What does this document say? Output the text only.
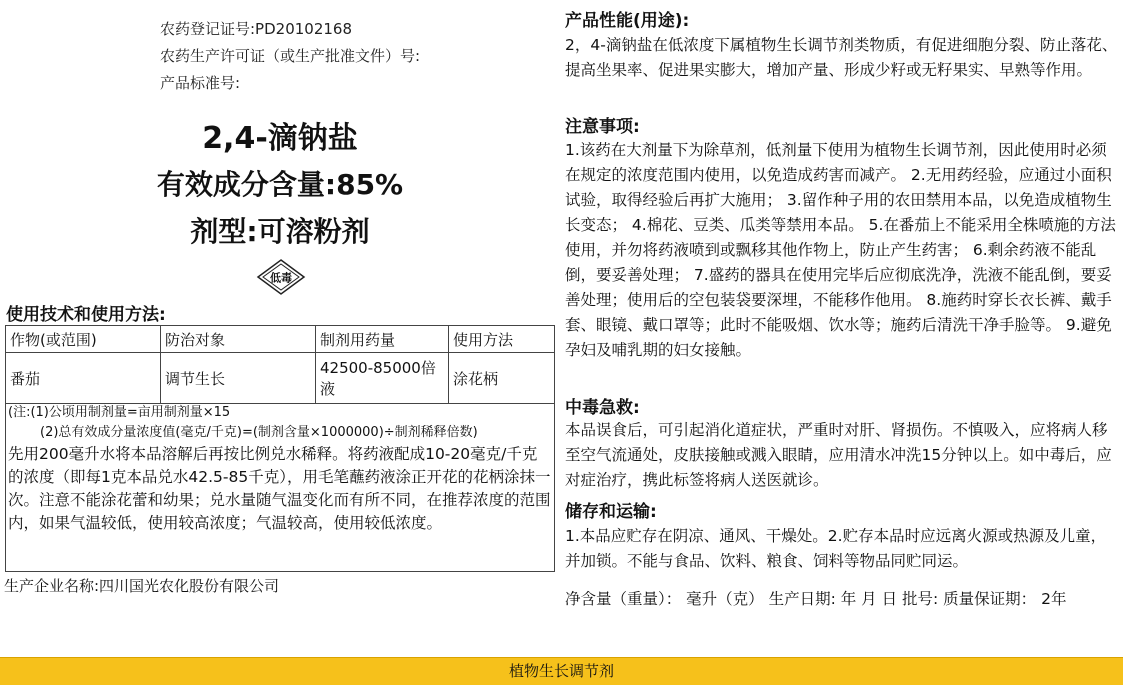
农药登记证号:PD20102168
农药生产许可证（或生产批准文件）号:
产品标准号:
2,4-滴钠盐
有效成分含量:85%
剂型:可溶粉剂
低毒
使用技术和使用方法:
作物(或范围)	防治对象	制剂用药量	使用方法
番茄	调节生长	42500-85000倍液	涂花柄
(注:(1)公顷用制剂量=亩用制剂量×15
(2)总有效成分量浓度值(毫克/千克)=(制剂含量×1000000)÷制剂稀释倍数)
先用200毫升水将本品溶解后再按比例兑水稀释。将药液配成10-20毫克/千克的浓度（即每1克本品兑水42.5-85千克），用毛笔蘸药液涂正开花的花柄涂抹一次。注意不能涂花蕾和幼果；兑水量随气温变化而有所不同，在推荐浓度的范围内，如果气温较低，使用较高浓度；气温较高，使用较低浓度。
生产企业名称:四川国光农化股份有限公司
产品性能(用途):
2，4-滴钠盐在低浓度下属植物生长调节剂类物质，有促进细胞分裂、防止落花、提高坐果率、促进果实膨大，增加产量、形成少籽或无籽果实、早熟等作用。
注意事项:
1.该药在大剂量下为除草剂，低剂量下使用为植物生长调节剂，因此使用时必须在规定的浓度范围内使用，以免造成药害而减产。 2.无用药经验，应通过小面积试验，取得经验后再扩大施用； 3.留作种子用的农田禁用本品，以免造成植物生长变态； 4.棉花、豆类、瓜类等禁用本品。 5.在番茄上不能采用全株喷施的方法使用，并勿将药液喷到或飘移其他作物上，防止产生药害； 6.剩余药液不能乱倒，要妥善处理； 7.盛药的器具在使用完毕后应彻底洗净，洗液不能乱倒，要妥善处理；使用后的空包装袋要深埋，不能移作他用。 8.施药时穿长衣长裤、戴手套、眼镜、戴口罩等；此时不能吸烟、饮水等；施药后清洗干净手脸等。 9.避免孕妇及哺乳期的妇女接触。
中毒急救:
本品误食后，可引起消化道症状，严重时对肝、肾损伤。不慎吸入，应将病人移至空气流通处，皮肤接触或溅入眼睛，应用清水冲洗15分钟以上。如中毒后，应对症治疗，携此标签将病人送医就诊。
储存和运输:
1.本品应贮存在阴凉、通风、干燥处。2.贮存本品时应远离火源或热源及儿童，并加锁。不能与食品、饮料、粮食、饲料等物品同贮同运。
净含量（重量）： 毫升（克） 生产日期: 年 月 日 批号: 质量保证期： 2年
植物生长调节剂
